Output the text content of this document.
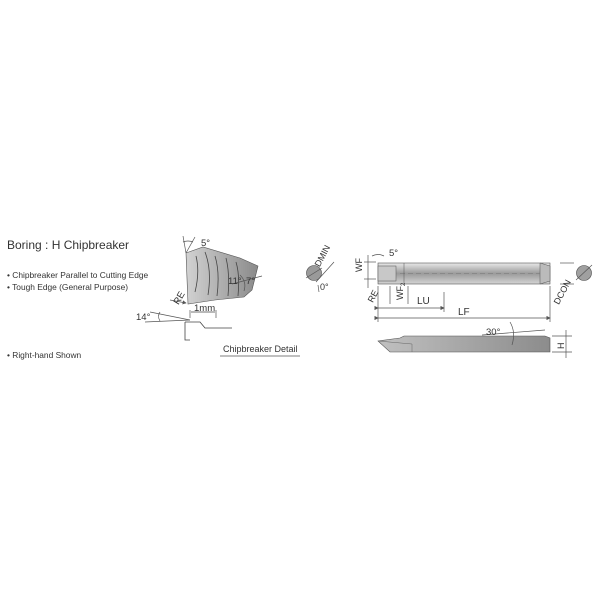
Boring : H Chipbreaker
• Chipbreaker Parallel to Cutting Edge
• Tough Edge (General Purpose)
• Right-hand Shown
5°
11° 7°
14°
RE
1mm
Chipbreaker Detail
DMIN
0°
WF
5°
RE $WF_2$
LU
LF
DCON
30°
H
